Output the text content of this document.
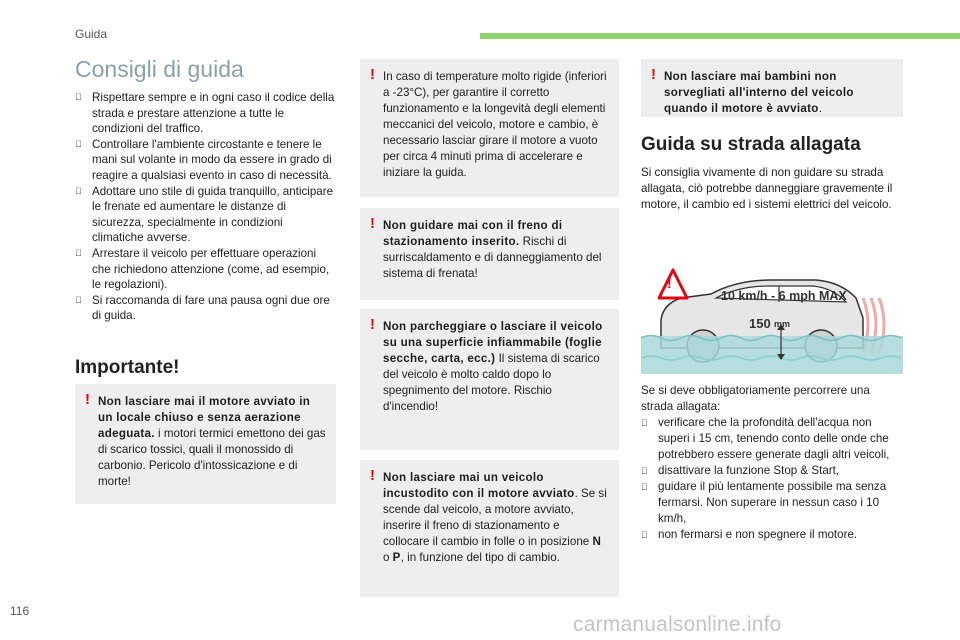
Guida
Consigli di guida
Rispettare sempre e in ogni caso il codice della strada e prestare attenzione a tutte le condizioni del traffico.
Controllare l'ambiente circostante e tenere le mani sul volante in modo da essere in grado di reagire a qualsiasi evento in caso di necessità.
Adottare uno stile di guida tranquillo, anticipare le frenate ed aumentare le distanze di sicurezza, specialmente in condizioni climatiche avverse.
Arrestare il veicolo per effettuare operazioni che richiedono attenzione (come, ad esempio, le regolazioni).
Si raccomanda di fare una pausa ogni due ore di guida.
Importante!
! Non lasciare mai il motore avviato in un locale chiuso e senza aerazione adeguata. i motori termici emettono dei gas di scarico tossici, quali il monossido di carbonio. Pericolo d'intossicazione e di morte!
! In caso di temperature molto rigide (inferiori a -23°C), per garantire il corretto funzionamento e la longevità degli elementi meccanici del veicolo, motore e cambio, è necessario lasciar girare il motore a vuoto per circa 4 minuti prima di accelerare e iniziare la guida.
! Non guidare mai con il freno di stazionamento inserito. Rischi di surriscaldamento e di danneggiamento del sistema di frenata!
! Non parcheggiare o lasciare il veicolo su una superficie infiammabile (foglie secche, carta, ecc.) Il sistema di scarico del veicolo è molto caldo dopo lo spegnimento del motore. Rischio d'incendio!
! Non lasciare mai un veicolo incustodito con il motore avviato. Se si scende dal veicolo, a motore avviato, inserire il freno di stazionamento e collocare il cambio in folle o in posizione N o P, in funzione del tipo di cambio.
! Non lasciare mai bambini non sorvegliati all'interno del veicolo quando il motore è avviato.
Guida su strada allagata
Si consiglia vivamente di non guidare su strada allagata, ciò potrebbe danneggiare gravemente il motore, il cambio ed i sistemi elettrici del veicolo.
!
10 km/h - 6 mph MAX
150 mm
Se si deve obbligatoriamente percorrere una strada allagata:
verificare che la profondità dell'acqua non superi i 15 cm, tenendo conto delle onde che potrebbero essere generate dagli altri veicoli,
disattivare la funzione Stop & Start,
guidare il più lentamente possibile ma senza fermarsi. Non superare in nessun caso i 10 km/h,
non fermarsi e non spegnere il motore.
116
carmanualsonline.info
